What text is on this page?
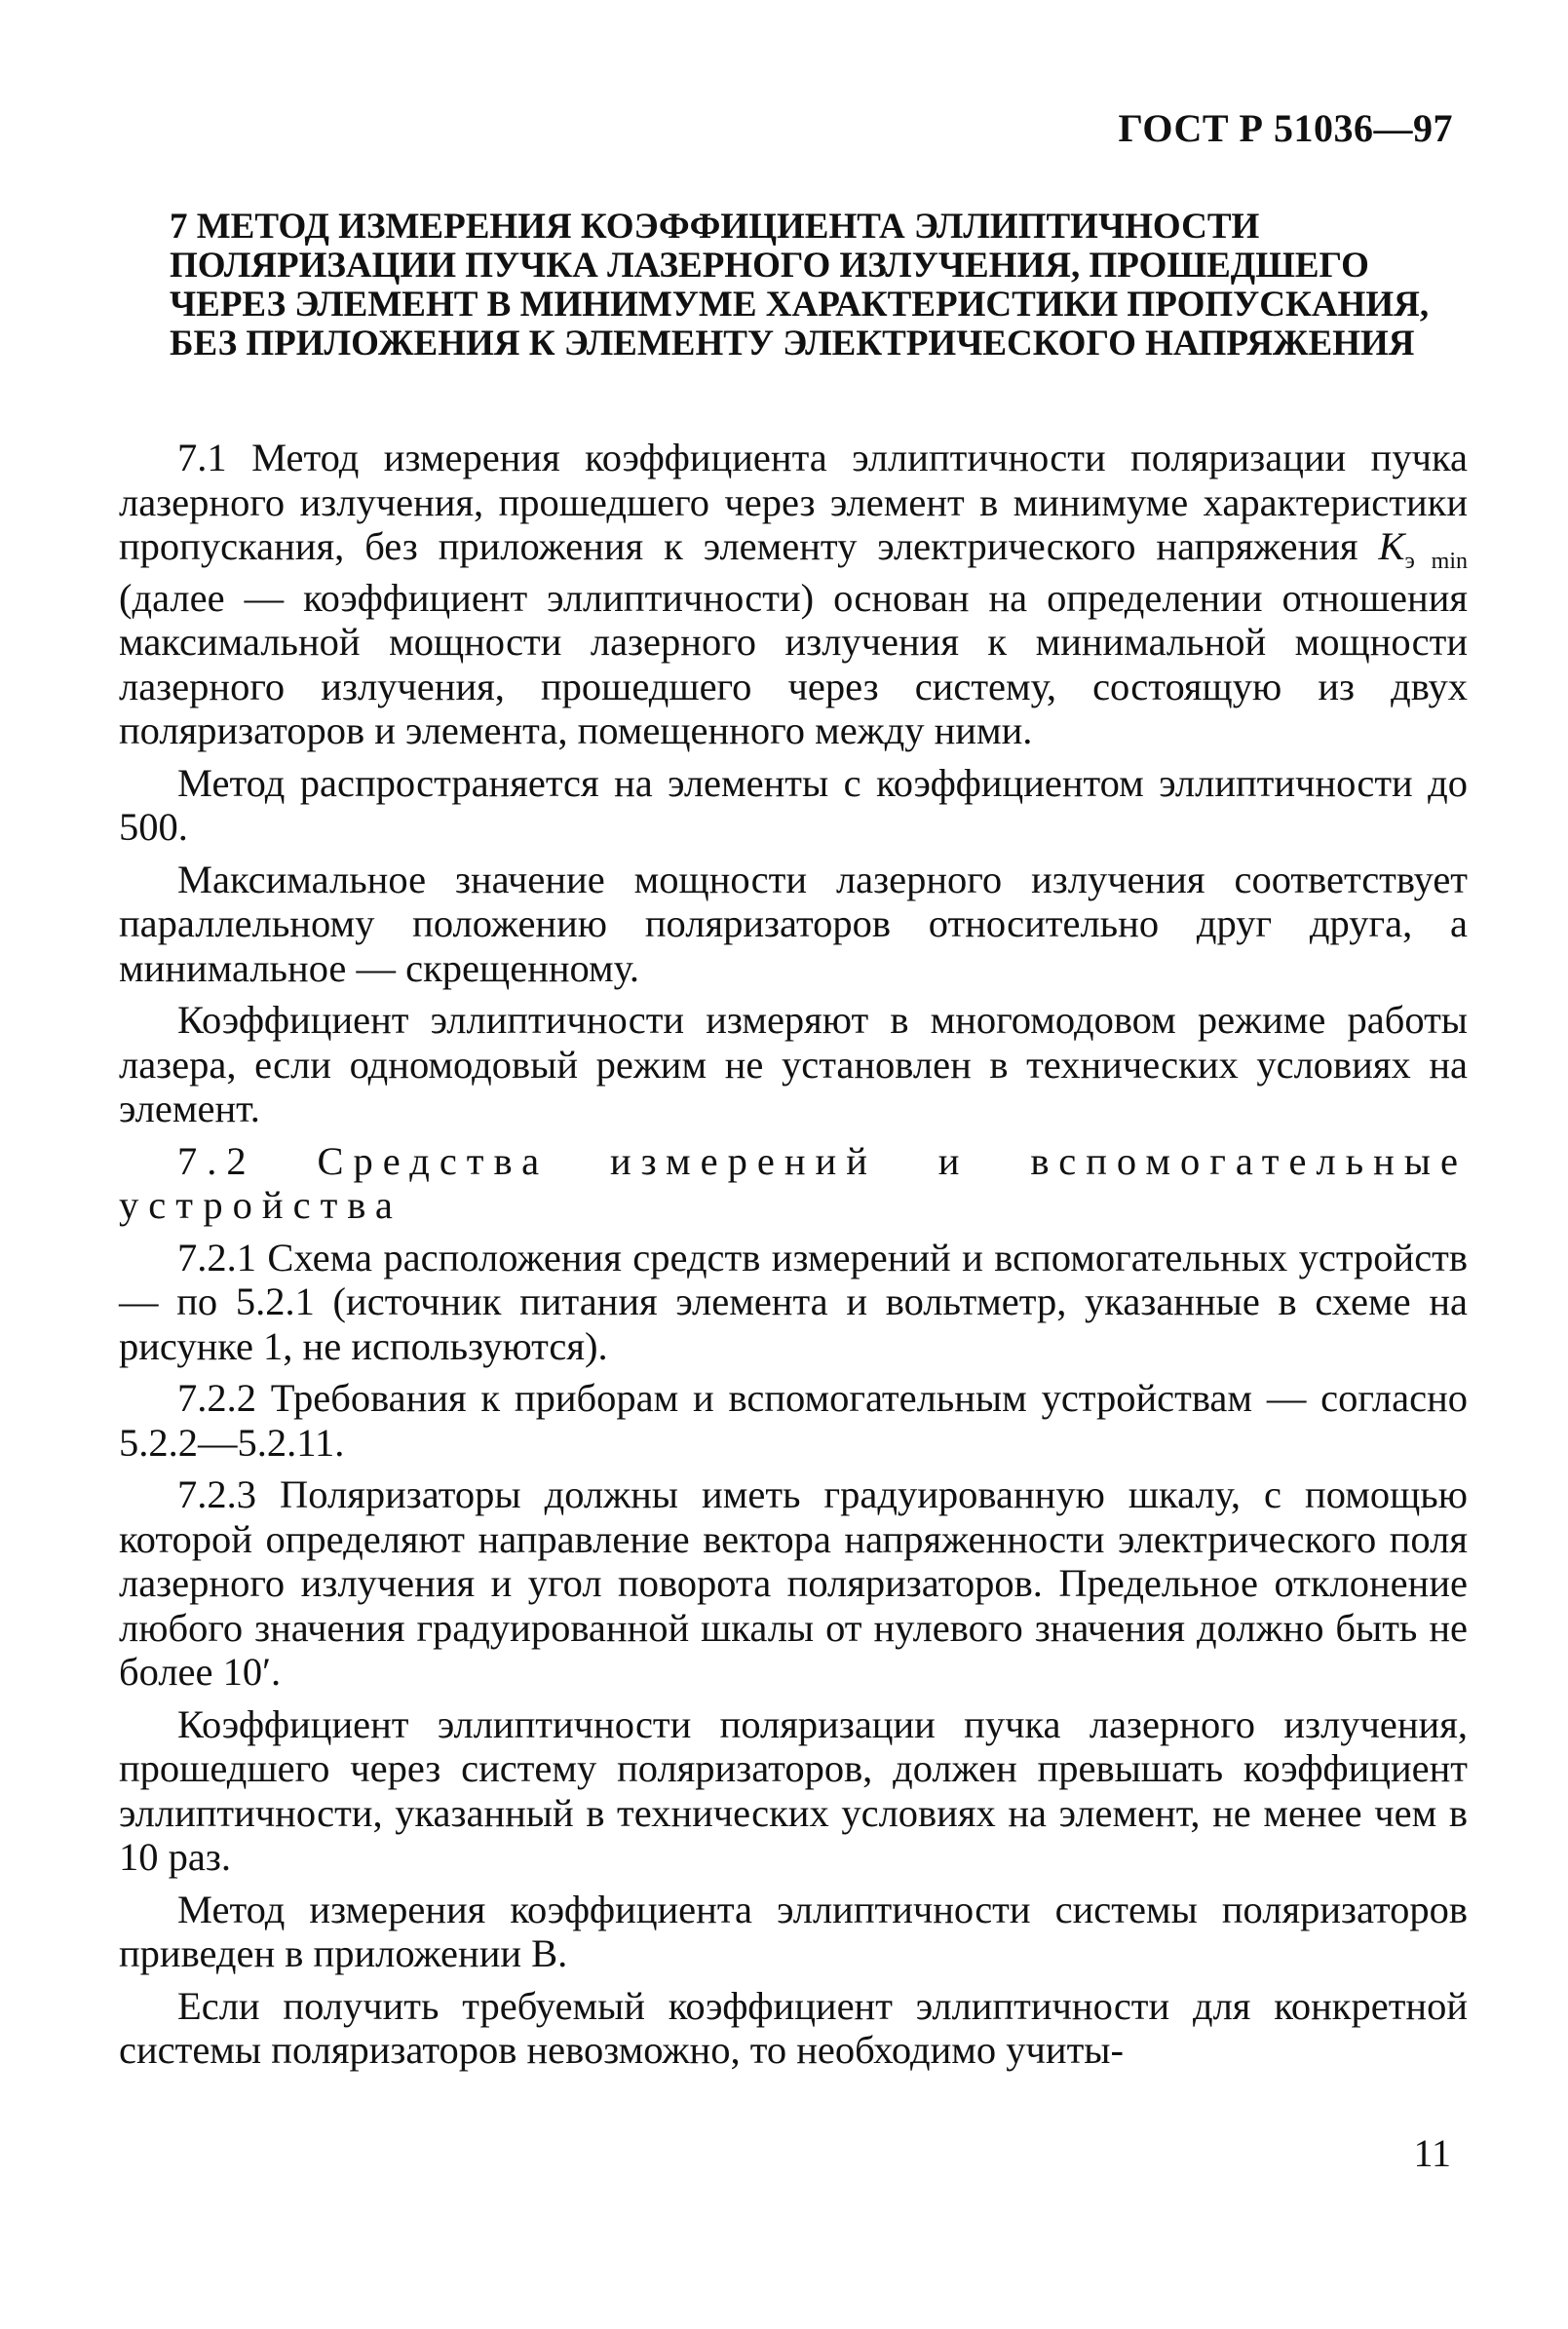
ГОСТ Р 51036—97
7 МЕТОД ИЗМЕРЕНИЯ КОЭФФИЦИЕНТА ЭЛЛИПТИЧНОСТИ ПОЛЯРИЗАЦИИ ПУЧКА ЛАЗЕРНОГО ИЗЛУЧЕНИЯ, ПРОШЕДШЕГО ЧЕРЕЗ ЭЛЕМЕНТ В МИНИМУМЕ ХАРАКТЕРИСТИКИ ПРОПУСКАНИЯ, БЕЗ ПРИЛОЖЕНИЯ К ЭЛЕМЕНТУ ЭЛЕКТРИЧЕСКОГО НАПРЯЖЕНИЯ

7.1 Метод измерения коэффициента эллиптичности поляризации пучка лазерного излучения, прошедшего через элемент в минимуме характеристики пропускания, без приложения к элементу электрического напряжения $K_{э min}$ (далее — коэффициент эллиптичности) основан на определении отношения максимальной мощности лазерного излучения к минимальной мощности лазерного излучения, прошедшего через систему, состоящую из двух поляризаторов и элемента, помещенного между ними.

Метод распространяется на элементы с коэффициентом эллиптичности до 500.

Максимальное значение мощности лазерного излучения соответствует параллельному положению поляризаторов относительно друг друга, а минимальное — скрещенному.

Коэффициент эллиптичности измеряют в многомодовом режиме работы лазера, если одномодовый режим не установлен в технических условиях на элемент.

7.2 Средства измерений и вспомогательные устройства

7.2.1 Схема расположения средств измерений и вспомогательных устройств — по 5.2.1 (источник питания элемента и вольтметр, указанные в схеме на рисунке 1, не используются).

7.2.2 Требования к приборам и вспомогательным устройствам — согласно 5.2.2—5.2.11.

7.2.3 Поляризаторы должны иметь градуированную шкалу, с помощью которой определяют направление вектора напряженности электрического поля лазерного излучения и угол поворота поляризаторов. Предельное отклонение любого значения градуированной шкалы от нулевого значения должно быть не более 10′.

Коэффициент эллиптичности поляризации пучка лазерного излучения, прошедшего через систему поляризаторов, должен превышать коэффициент эллиптичности, указанный в технических условиях на элемент, не менее чем в 10 раз.

Метод измерения коэффициента эллиптичности системы поляризаторов приведен в приложении В.

Если получить требуемый коэффициент эллиптичности для конкретной системы поляризаторов невозможно, то необходимо учиты-

11
